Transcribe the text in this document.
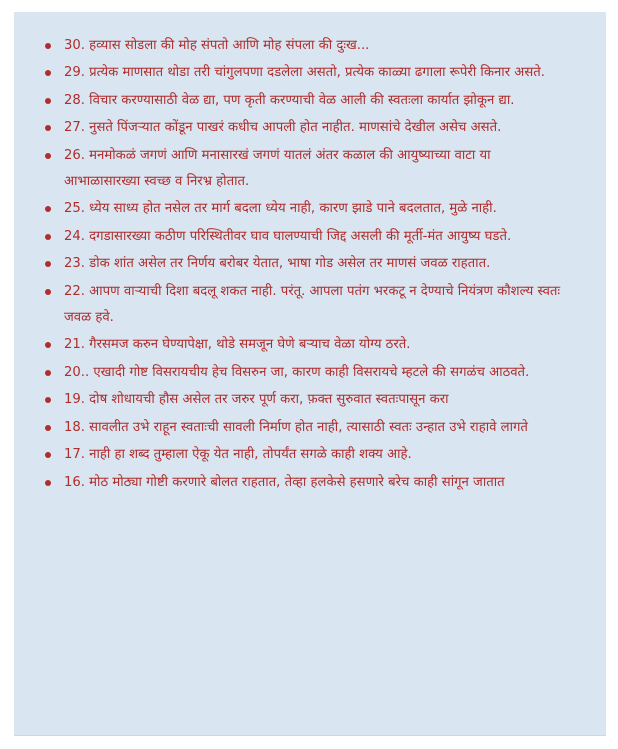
30. हव्यास सोडला की मोह संपतो आणि मोह संपला की दुःख...
29. प्रत्येक माणसात थोडा तरी चांगुलपणा दडलेला असतो, प्रत्येक काळ्या ढगाला रूपेरी किनार असते.
28. विचार करण्यासाठी वेळ द्या, पण कृती करण्याची वेळ आली की स्वतःला कार्यात झोकून द्या.
27. नुसते पिंजऱ्यात कोंडून पाखरं कधीच आपली होत नाहीत. माणसांचे देखील असेच असते.
26. मनमोकळं जगणं आणि मनासारखं जगणं यातलं अंतर कळाल की आयुष्याच्या वाटा या आभाळासारख्या स्वच्छ व निरभ्र होतात.
25. ध्येय साध्य होत नसेल तर मार्ग बदला ध्येय नाही, कारण झाडे पाने बदलतात, मुळे नाही.
24. दगडासारख्या कठीण परिस्थितीवर घाव घालण्याची जिद्द असली की मूर्ती-मंत आयुष्य घडते.
23. डोक शांत असेल तर निर्णय बरोबर येतात, भाषा गोड असेल तर माणसं जवळ राहतात.
22. आपण वाऱ्याची दिशा बदलू शकत नाही. परंतू. आपला पतंग भरकटू न देण्याचे नियंत्रण कौशल्य स्वतः जवळ हवे.
21. गैरसमज करुन घेण्यापेक्षा, थोडे समजून घेणे बऱ्याच वेळा योग्य ठरते.
20.. एखादी गोष्ट विसरायचीय हेच विसरुन जा, कारण काही विसरायचे म्हटले की सगळंच आठवते.
19. दोष शोधायची हौस असेल तर जरुर पूर्ण करा, फ़क्त सुरुवात स्वतःपासून करा
18. सावलीत उभे राहून स्वताःची सावली निर्माण होत नाही, त्यासाठी स्वतः उन्हात उभे राहावे लागते
17. नाही हा शब्द तुम्हाला ऐकू येत नाही, तोपर्यंत सगळे काही शक्य आहे.
16. मोठ मोठ्या गोष्टी करणारे बोलत राहतात, तेव्हा हलकेसे हसणारे बरेच काही सांगून जातात
